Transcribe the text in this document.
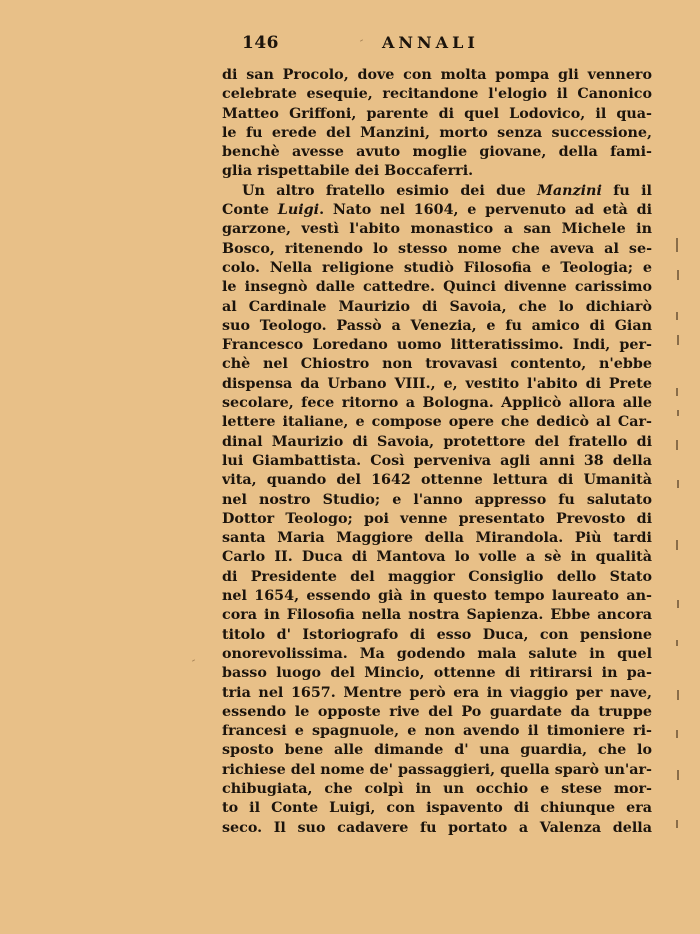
146	ANNALI
di san Procolo, dove con molta pompa gli vennero
celebrate esequie, recitandone l'elogio il Canonico
Matteo Griffoni, parente di quel Lodovico, il qua-
le fu erede del Manzini, morto senza successione,
benchè avesse avuto moglie giovane, della fami-
glia rispettabile dei Boccaferri.
Un altro fratello esimio dei due Manzini fu il
Conte Luigi. Nato nel 1604, e pervenuto ad età di
garzone, vestì l'abito monastico a san Michele in
Bosco, ritenendo lo stesso nome che aveva al se-
colo. Nella religione studiò Filosofia e Teologia; e
le insegnò dalle cattedre. Quinci divenne carissimo
al Cardinale Maurizio di Savoia, che lo dichiarò
suo Teologo. Passò a Venezia, e fu amico di Gian
Francesco Loredano uomo litteratissimo. Indi, per-
chè nel Chiostro non trovavasi contento, n'ebbe
dispensa da Urbano VIII., e, vestito l'abito di Prete
secolare, fece ritorno a Bologna. Applicò allora alle
lettere italiane, e compose opere che dedicò al Car-
dinal Maurizio di Savoia, protettore del fratello di
lui Giambattista. Così perveniva agli anni 38 della
vita, quando del 1642 ottenne lettura di Umanità
nel nostro Studio; e l'anno appresso fu salutato
Dottor Teologo; poi venne presentato Prevosto di
santa Maria Maggiore della Mirandola. Più tardi
Carlo II. Duca di Mantova lo volle a sè in qualità
di Presidente del maggior Consiglio dello Stato
nel 1654, essendo già in questo tempo laureato an-
cora in Filosofia nella nostra Sapienza. Ebbe ancora
titolo d' Istoriografo di esso Duca, con pensione
onorevolissima. Ma godendo mala salute in quel
basso luogo del Mincio, ottenne di ritirarsi in pa-
tria nel 1657. Mentre però era in viaggio per nave,
essendo le opposte rive del Po guardate da truppe
francesi e spagnuole, e non avendo il timoniere ri-
sposto bene alle dimande d' una guardia, che lo
richiese del nome de' passaggieri, quella sparò un'ar-
chibugiata, che colpì in un occhio e stese mor-
to il Conte Luigi, con ispavento di chiunque era
seco. Il suo cadavere fu portato a Valenza della
